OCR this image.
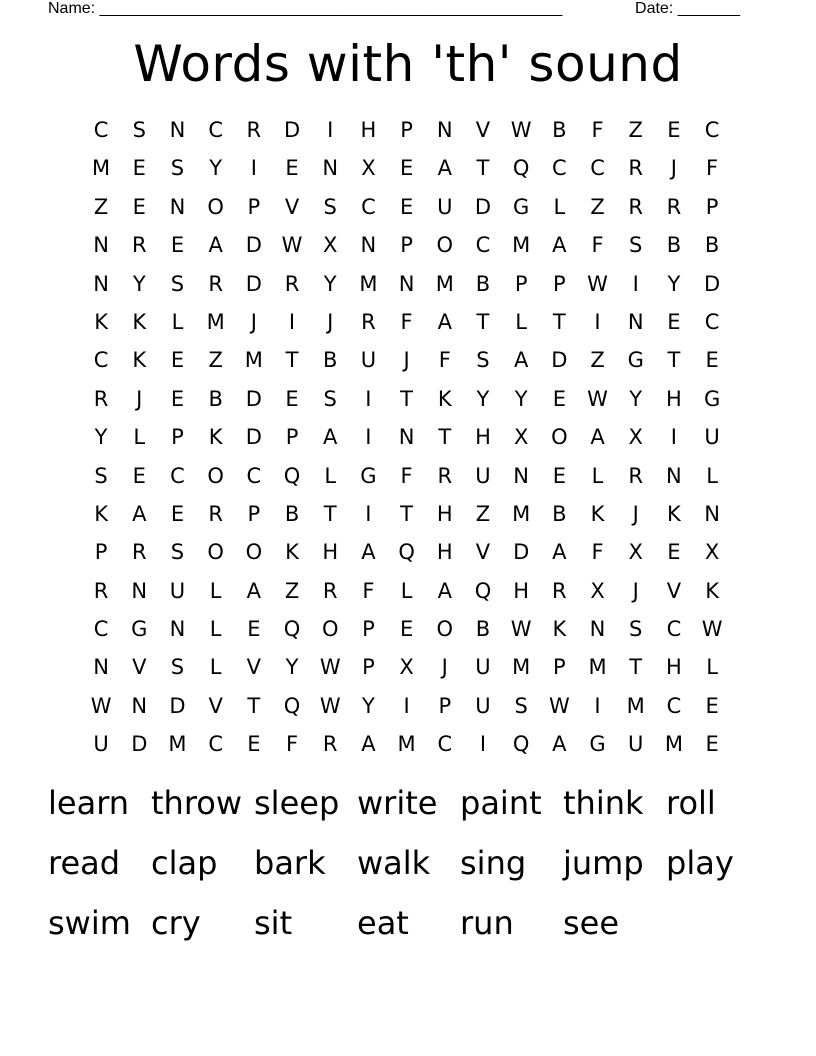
Name: ____________________________________________________	Date: _______
Words with 'th' sound
C	S	N	C	R	D	I	H	P	N	V W B	F	Z	E	C
M	E	S	Y	I	E	N	X	E	A	T	Q	C	C	R	J	F
Z	E	N	O	P	V	S	C	E	U	D	G	L	Z	R	R	P
N	R	E	A	D W X	N	P	O	C	M	A	F	S	B	B
N	Y	S	R	D	R	Y	M	N	M	B	P	P	W	I	Y	D
K	K	L	M	J	I	J	R	F	A	T	L	T	I	N	E	C
C	K	E	Z	M	T	B	U	J	F	S	A	D	Z	G	T	E
R	J	E	B	D	E	S	I	T	K	Y	Y	E	W	Y	H	G
Y	L	P	K	D	P	A	I	N	T	H	X	O	A	X	I	U
S	E	C	O	C	Q	L	G	F	R	U	N	E	L	R	N	L
K	A	E	R	P	B	T	I	T	H	Z	M	B	K	J	K	N
P	R	S	O	O	K	H	A	Q	H	V	D	A	F	X	E	X
R	N	U	L	A	Z	R	F	L	A	Q	H	R	X	J	V	K
C	G	N	L	E	Q	O	P	E	O	B W K	N	S	C W
N	V	S	L	V	Y	W	P	X	J	U	M	P	M	T	H	L
W N	D	V	T	Q W	Y	I	P	U	S	W	I	M	C	E
U	D	M	C	E	F	R	A	M	C	I	Q	A	G	U	M	E
learn throw sleep write paint think roll
read clap	bark walk sing	jump play
swim cry	sit	eat	run	see
